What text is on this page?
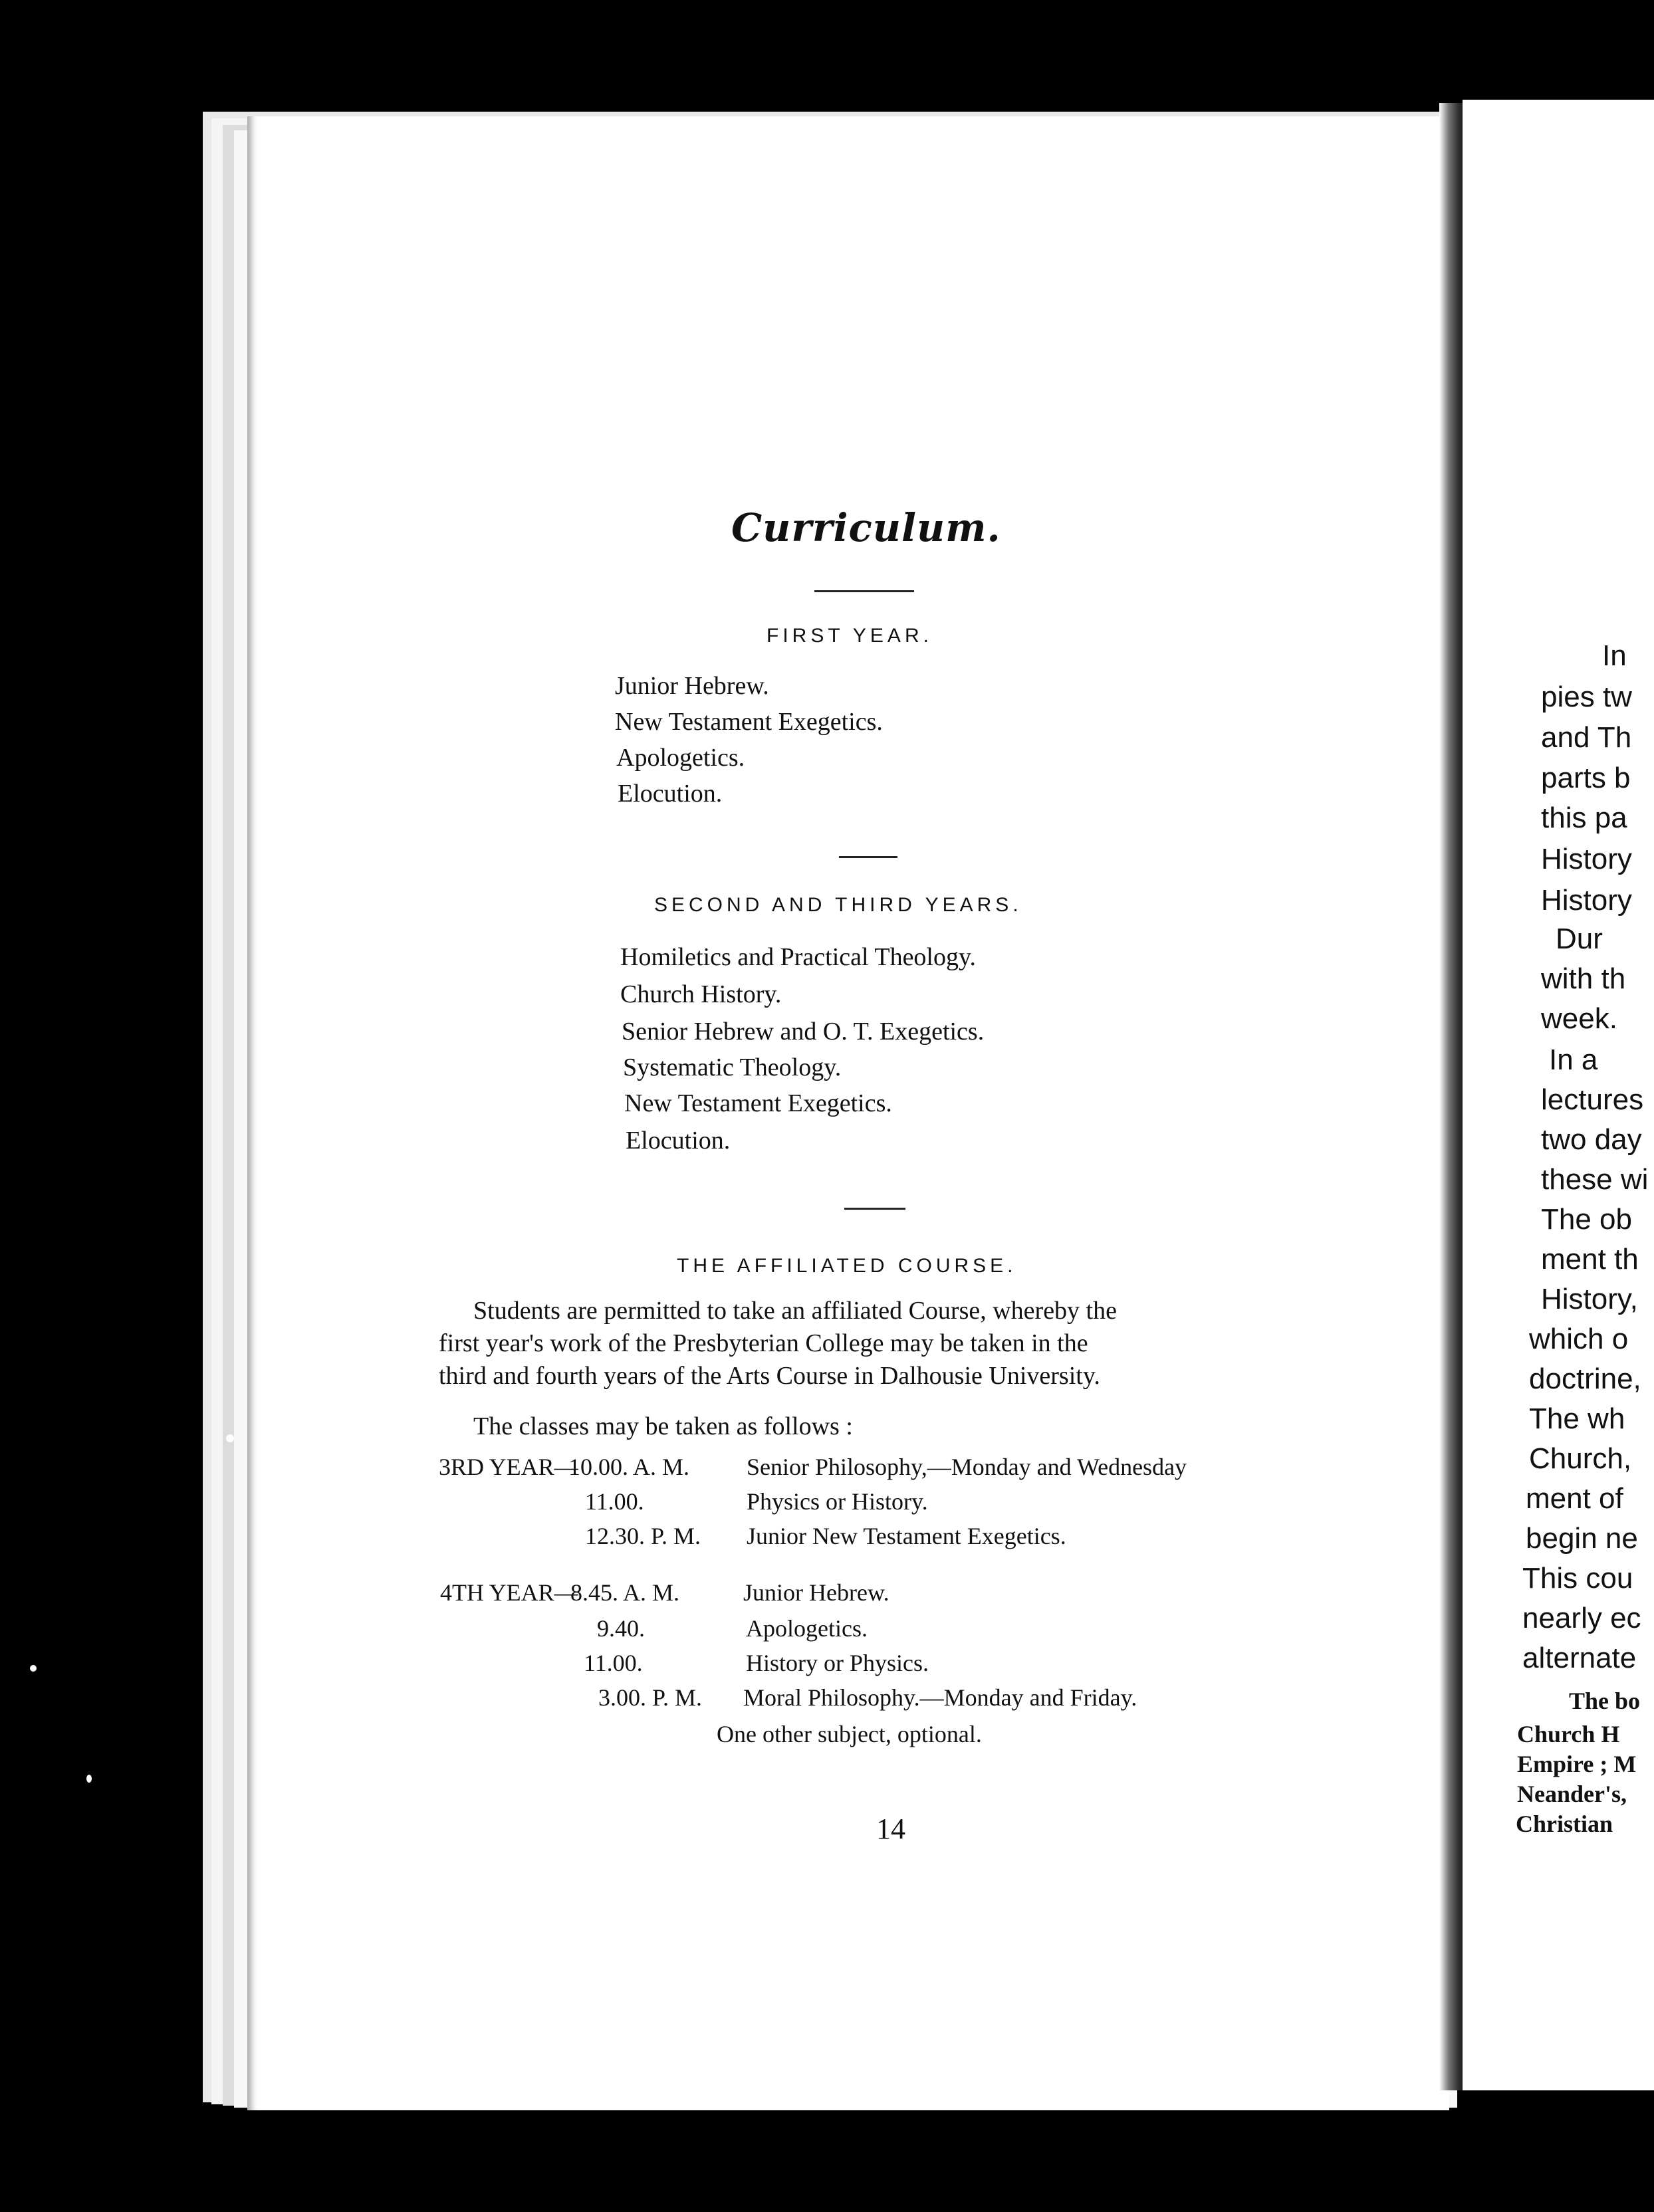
Curriculum.
FIRST YEAR.
Junior Hebrew.
New Testament Exegetics.
Apologetics.
Elocution.
SECOND AND THIRD YEARS.
Homiletics and Practical Theology.
Church History.
Senior Hebrew and O. T. Exegetics.
Systematic Theology.
New Testament Exegetics.
Elocution.
THE AFFILIATED COURSE.
Students are permitted to take an affiliated Course, whereby the
first year's work of the Presbyterian College may be taken in the
third and fourth years of the Arts Course in Dalhousie University.
The classes may be taken as follows :
3RD YEAR—
10.00. A. M. Senior Philosophy,—Monday and Wednesday
11.00.	Physics or History.
12.30. P. M. Junior New Testament Exegetics.
4TH YEAR—
8.45. A. M.	Junior Hebrew.
9.40.	Apologetics.
11.00.	History or Physics.
3.00. P. M. Moral Philosophy.—Monday and Friday.
One other subject, optional.
14
In
pies tw
and Th
parts b
this pa
History
History
Dur
with th
week.
In a
lectures
two day
these wi
The ob
ment th
History,
which o
doctrine,
The wh
Church,
ment of
begin ne
This cou
nearly ec
alternate
The bo
Church H
Empire ; M
Neander's,
Christian
